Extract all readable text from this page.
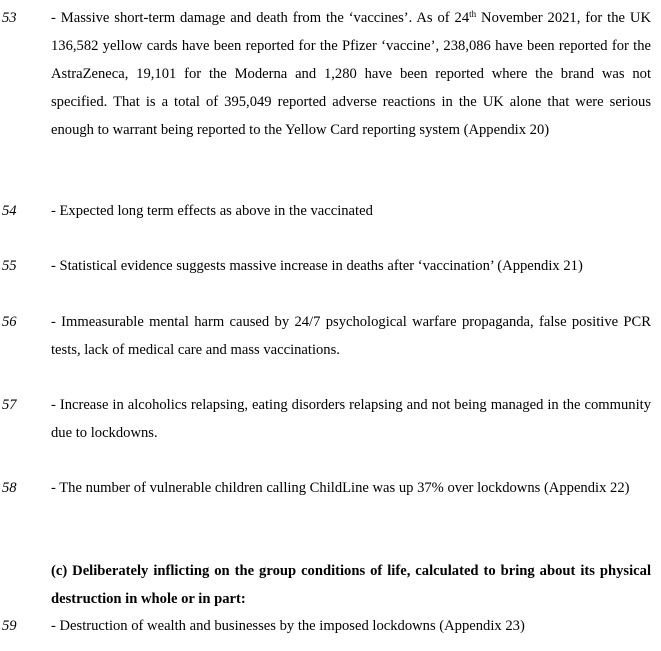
53 - Massive short-term damage and death from the ‘vaccines’. As of 24th November 2021, for the UK 136,582 yellow cards have been reported for the Pfizer ‘vaccine’, 238,086 have been reported for the AstraZeneca, 19,101 for the Moderna and 1,280 have been reported where the brand was not specified. That is a total of 395,049 reported adverse reactions in the UK alone that were serious enough to warrant being reported to the Yellow Card reporting system (Appendix 20)
54 - Expected long term effects as above in the vaccinated
55 - Statistical evidence suggests massive increase in deaths after ‘vaccination’ (Appendix 21)
56 - Immeasurable mental harm caused by 24/7 psychological warfare propaganda, false positive PCR tests, lack of medical care and mass vaccinations.
57 - Increase in alcoholics relapsing, eating disorders relapsing and not being managed in the community due to lockdowns.
58 - The number of vulnerable children calling ChildLine was up 37% over lockdowns (Appendix 22)
(c) Deliberately inflicting on the group conditions of life, calculated to bring about its physical destruction in whole or in part:
59 - Destruction of wealth and businesses by the imposed lockdowns (Appendix 23)
